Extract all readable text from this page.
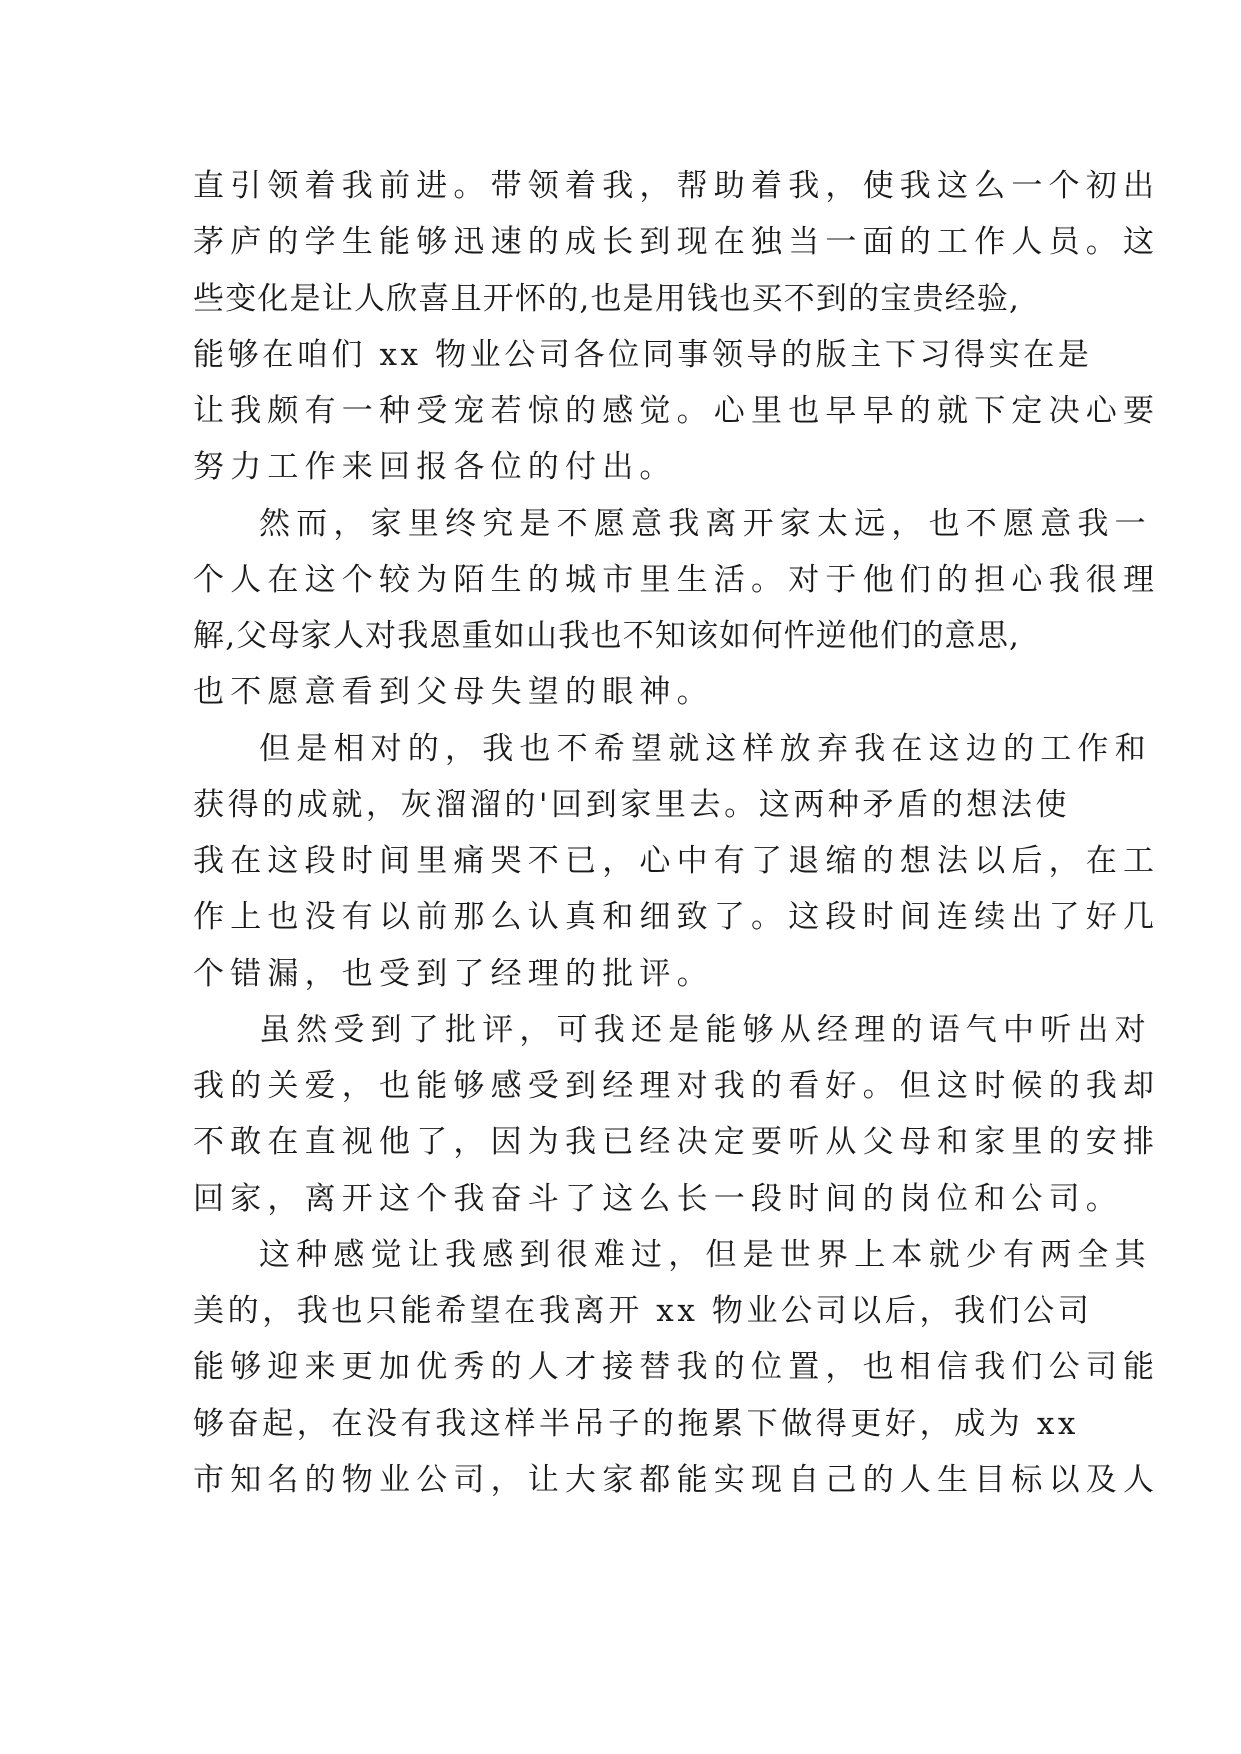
直引领着我前进。带领着我，帮助着我，使我这么一个初出
茅庐的学生能够迅速的成长到现在独当一面的工作人员。这
些变化是让人欣喜且开怀的,也是用钱也买不到的宝贵经验,
能够在咱们 xx 物业公司各位同事领导的版主下习得实在是
让我颇有一种受宠若惊的感觉。心里也早早的就下定决心要
努力工作来回报各位的付出。
然而，家里终究是不愿意我离开家太远，也不愿意我一
个人在这个较为陌生的城市里生活。对于他们的担心我很理
解,父母家人对我恩重如山我也不知该如何忤逆他们的意思,
也不愿意看到父母失望的眼神。
但是相对的，我也不希望就这样放弃我在这边的工作和
获得的成就，灰溜溜的'回到家里去。这两种矛盾的想法使
我在这段时间里痛哭不已，心中有了退缩的想法以后，在工
作上也没有以前那么认真和细致了。这段时间连续出了好几
个错漏，也受到了经理的批评。
虽然受到了批评，可我还是能够从经理的语气中听出对
我的关爱，也能够感受到经理对我的看好。但这时候的我却
不敢在直视他了，因为我已经决定要听从父母和家里的安排
回家，离开这个我奋斗了这么长一段时间的岗位和公司。
这种感觉让我感到很难过，但是世界上本就少有两全其
美的，我也只能希望在我离开 xx 物业公司以后，我们公司
能够迎来更加优秀的人才接替我的位置，也相信我们公司能
够奋起，在没有我这样半吊子的拖累下做得更好，成为 xx
市知名的物业公司，让大家都能实现自己的人生目标以及人
